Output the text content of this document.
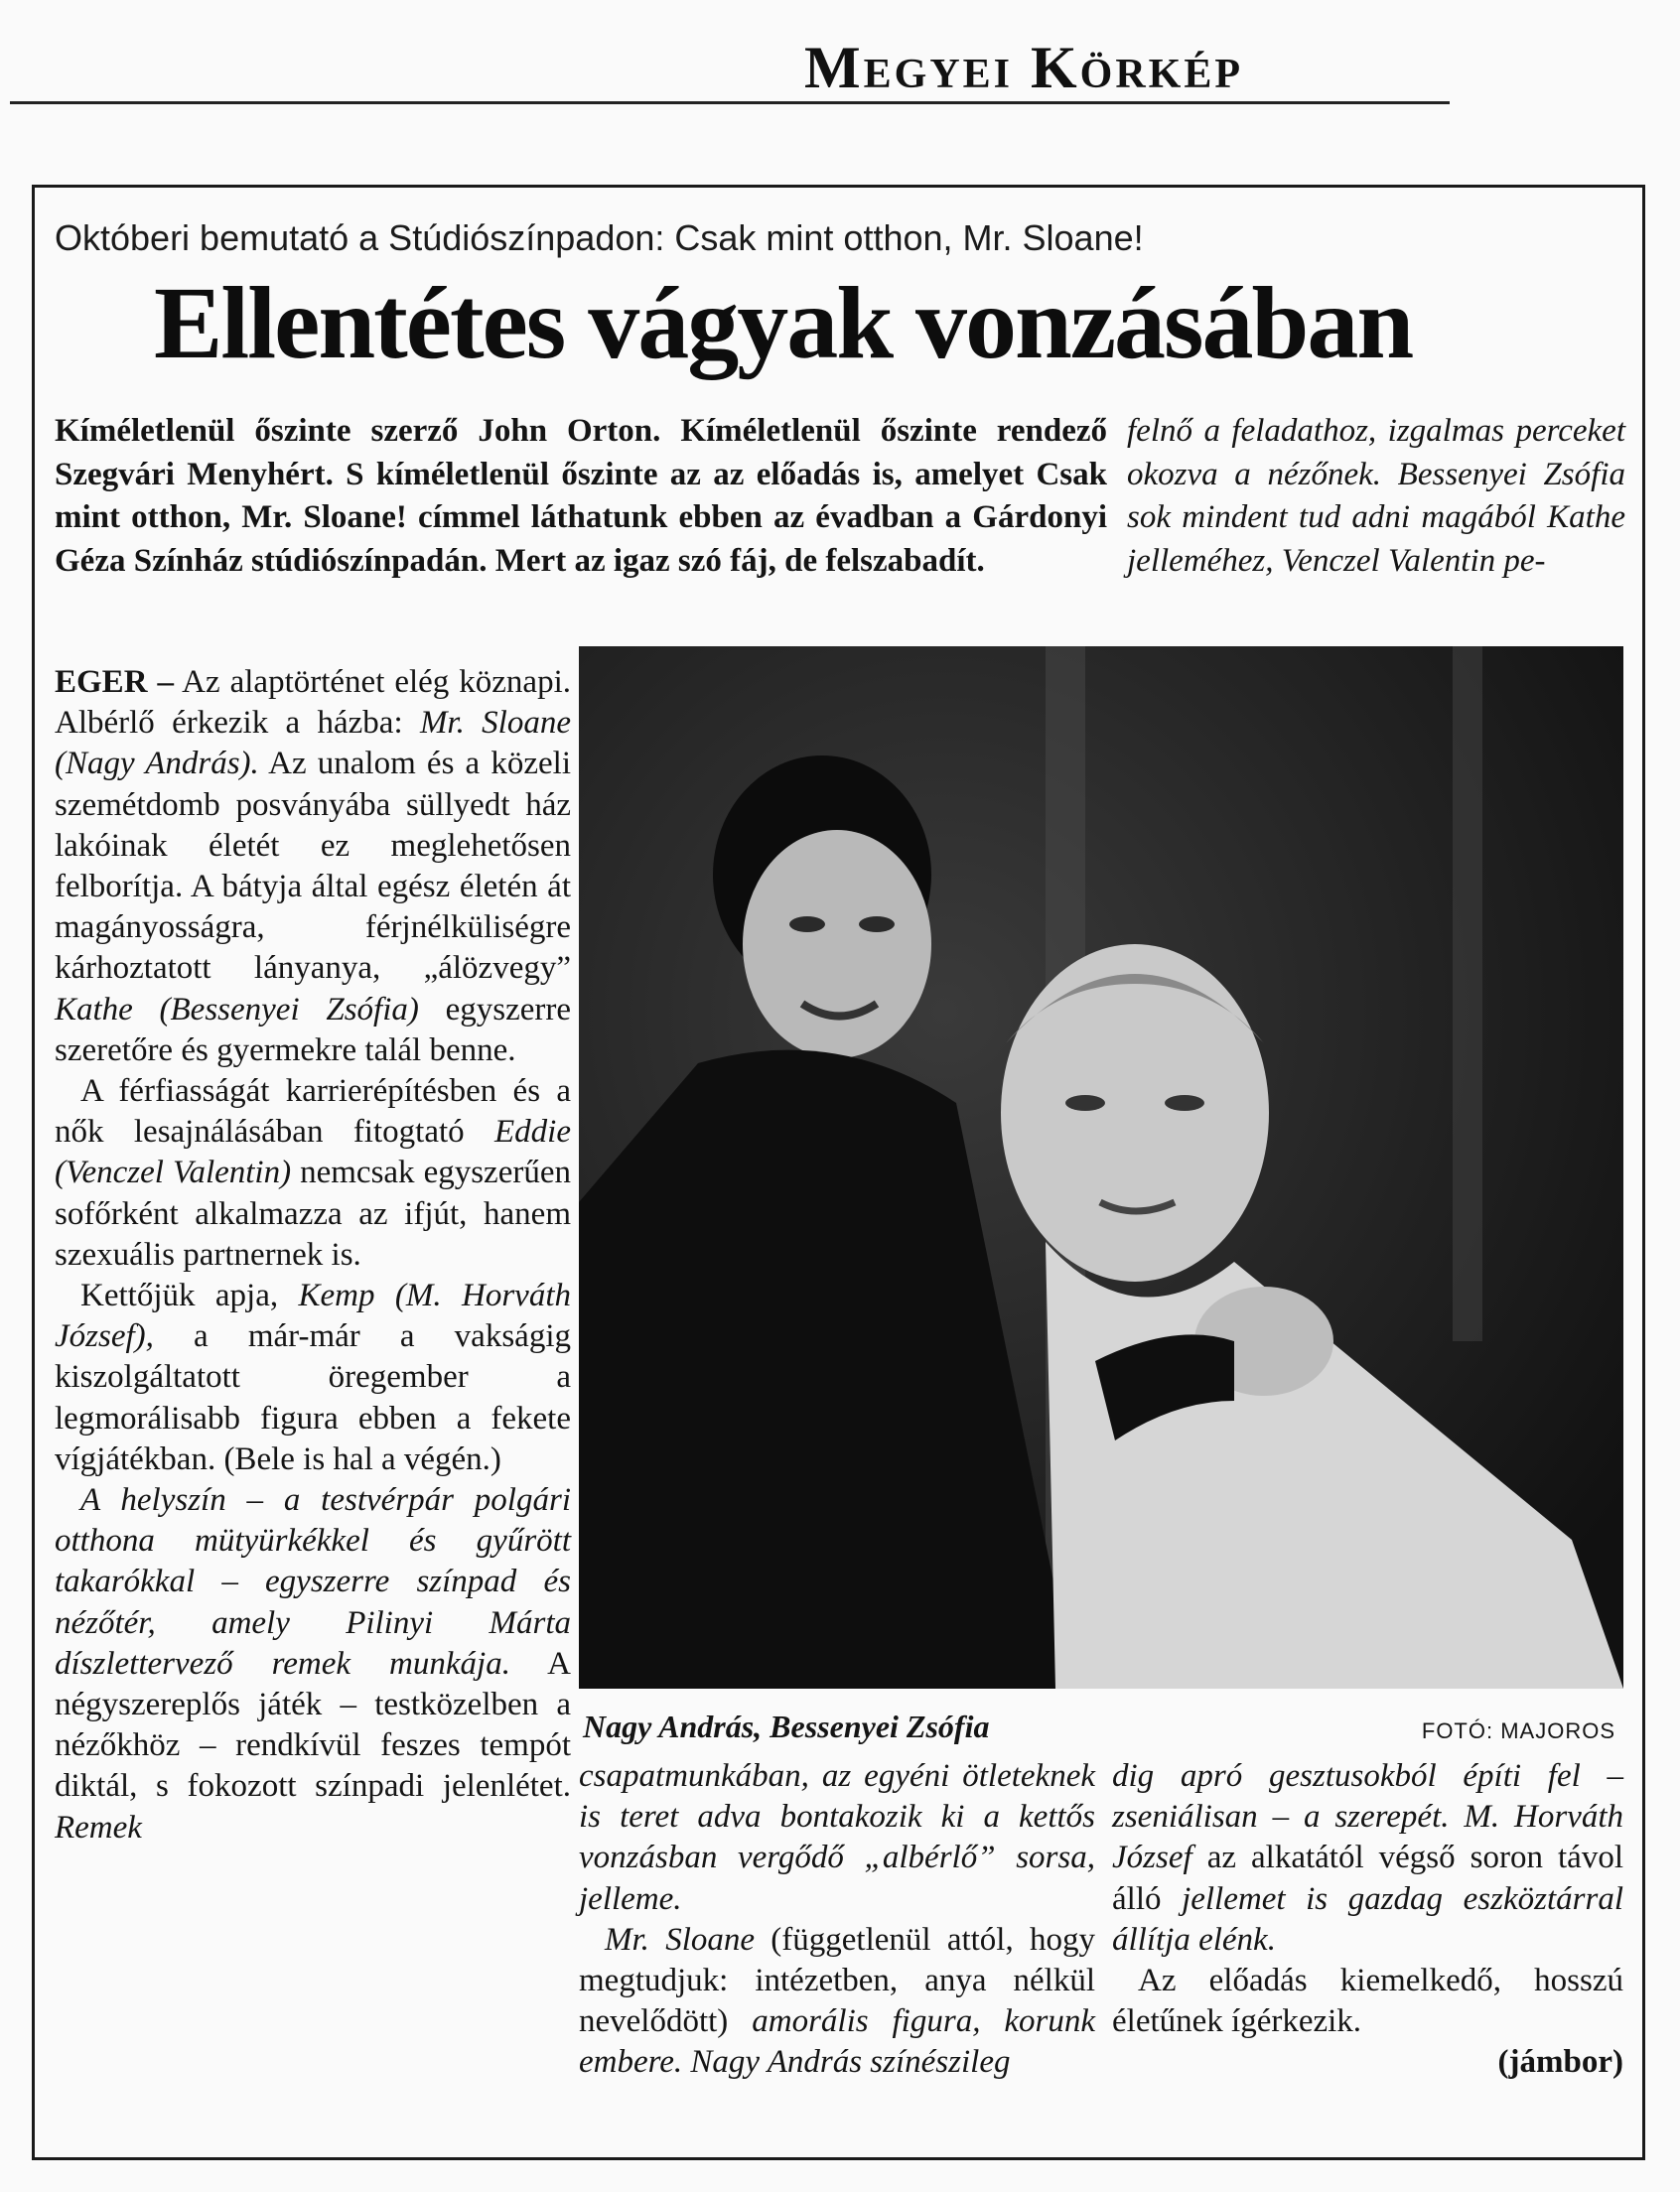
Megyei Körkép
Októberi bemutató a Stúdiószínpadon: Csak mint otthon, Mr. Sloane!
Ellentétes vágyak vonzásában
Kíméletlenül őszinte szerző John Orton. Kíméletlenül őszinte rendező Szegvári Menyhért. S kíméletlenül őszinte az az előadás is, amelyet Csak mint otthon, Mr. Sloane! címmel láthatunk ebben az évadban a Gárdonyi Géza Színház stúdiószínpadán. Mert az igaz szó fáj, de felszabadít.
felnő a feladathoz, izgalmas perceket okozva a nézőnek. Bessenyei Zsófia sok mindent tud adni magából Kathe jelleméhez, Venczel Valentin pe-
Nagy András, Bessenyei Zsófia	FOTÓ: MAJOROS

EGER – Az alaptörténet elég köznapi. Albérlő érkezik a házba: Mr. Sloane (Nagy András). Az unalom és a közeli szemétdomb posványába süllyedt ház lakóinak életét ez meglehetősen felborítja. A bátyja által egész életén át magányosságra, férjnélküliségre kárhoztatott lányanya, „álözvegy” Kathe (Bessenyei Zsófia) egyszerre szeretőre és gyermekre talál benne.

A férfiasságát karrierépítésben és a nők lesajnálásában fitogtató Eddie (Venczel Valentin) nemcsak egyszerűen sofőrként alkalmazza az ifjút, hanem szexuális partnernek is.

Kettőjük apja, Kemp (M. Horváth József), a már-már a vakságig kiszolgáltatott öregember a legmorálisabb figura ebben a fekete vígjátékban. (Bele is hal a végén.)

A helyszín – a testvérpár polgári otthona mütyürkékkel és gyűrött takarókkal – egyszerre színpad és nézőtér, amely Pilinyi Márta díszlettervező remek munkája. A négyszereplős játék – testközelben a nézőkhöz – rendkívül feszes tempót diktál, s fokozott színpadi jelenlétet. Remek

csapatmunkában, az egyéni ötleteknek is teret adva bontakozik ki a kettős vonzásban vergődő „albérlő” sorsa, jelleme.

Mr. Sloane (függetlenül attól, hogy megtudjuk: intézetben, anya nélkül nevelődött) amorális figura, korunk embere. Nagy András színészileg

dig apró gesztusokból építi fel – zseniálisan – a szerepét. M. Horváth József az alkatától végső soron távol álló jellemet is gazdag eszköztárral állítja elénk.

Az előadás kiemelkedő, hosszú életűnek ígérkezik.

(jámbor)
